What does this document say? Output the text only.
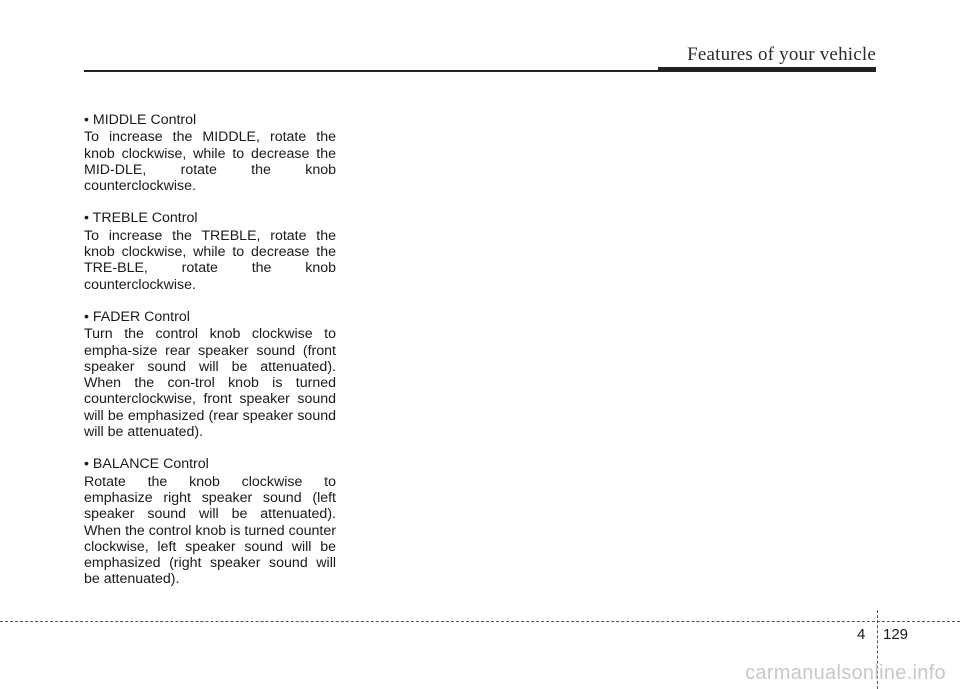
Features of your vehicle

• MIDDLE Control

To increase the MIDDLE, rotate the knob clockwise, while to decrease the MID-DLE, rotate the knob counterclockwise.

• TREBLE Control

To increase the TREBLE, rotate the knob clockwise, while to decrease the TRE-BLE, rotate the knob counterclockwise.

• FADER Control

Turn the control knob clockwise to empha-size rear speaker sound (front speaker sound will be attenuated). When the con-trol knob is turned counterclockwise, front speaker sound will be emphasized (rear speaker sound will be attenuated).

• BALANCE Control

Rotate the knob clockwise to emphasize right speaker sound (left speaker sound will be attenuated). When the control knob is turned counter clockwise, left speaker sound will be emphasized (right speaker sound will be attenuated).

4 129
carmanualsonline.info
